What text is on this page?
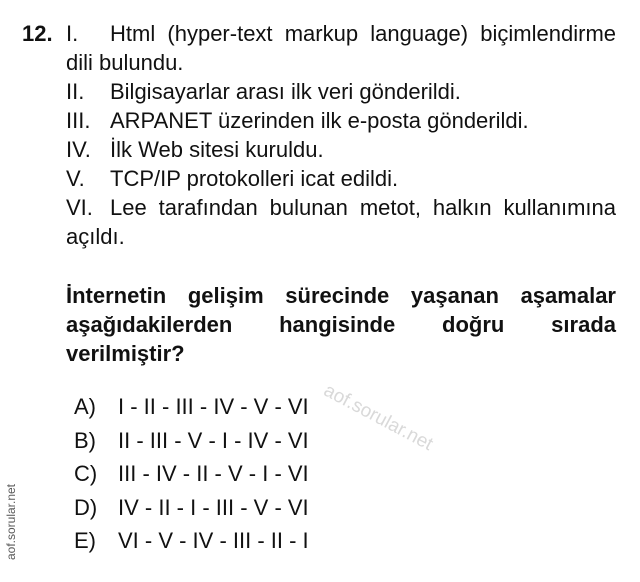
aof.sorular.net
aof.sorular.net
12. I. Html (hyper-text markup language) biçimlendirme dili bulundu.
II.	Bilgisayarlar arası ilk veri gönderildi.
III. ARPANET üzerinden ilk e-posta gönderildi.
IV. İlk Web sitesi kuruldu.
V.	TCP/IP protokolleri icat edildi.
VI. Lee tarafından bulunan metot, halkın kullanımına açıldı.
İnternetin gelişim sürecinde yaşanan aşamalar aşağıdakilerden hangisinde doğru sırada verilmiştir?
A)	I - II - III - IV - V - VI
B)	II - III - V - I - IV - VI
C) III - IV - II - V - I - VI
D) IV - II - I - III - V - VI
E)	VI - V - IV - III - II - I
